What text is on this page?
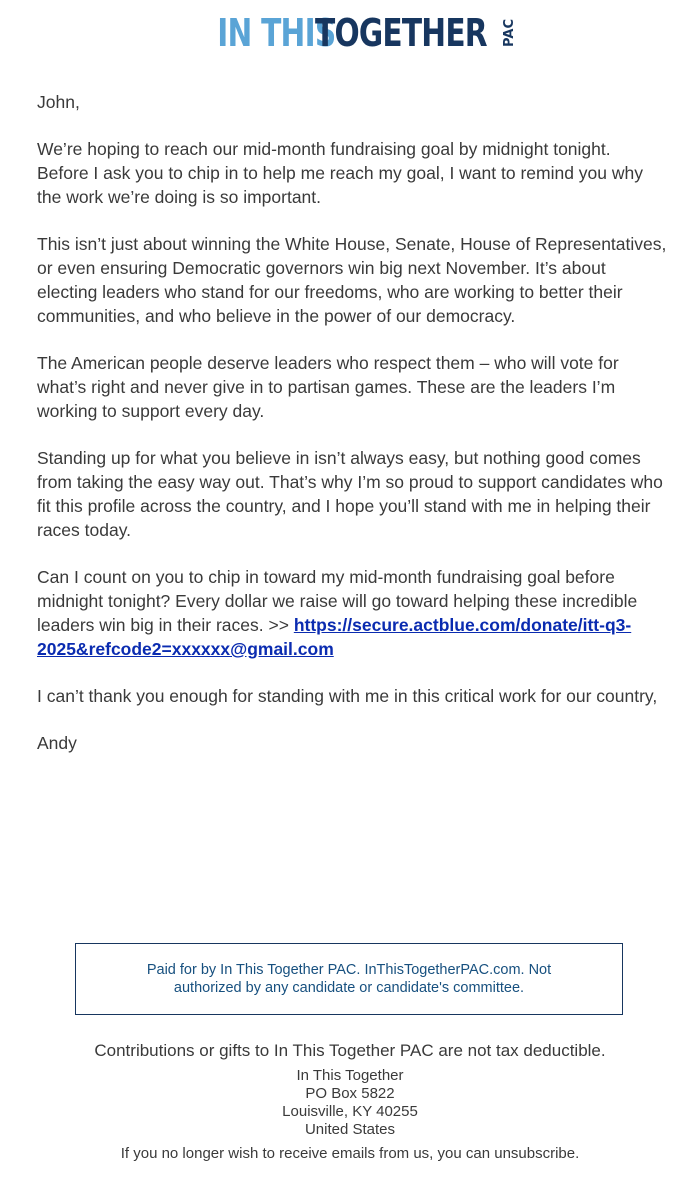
IN THIS
TOGETHER PAC

John,

We’re hoping to reach our mid-month fundraising goal by midnight tonight. Before I ask you to chip in to help me reach my goal, I want to remind you why the work we’re doing is so important.

This isn’t just about winning the White House, Senate, House of Representatives, or even ensuring Democratic governors win big next November. It’s about electing leaders who stand for our freedoms, who are working to better their communities, and who believe in the power of our democracy.

The American people deserve leaders who respect them – who will vote for what’s right and never give in to partisan games. These are the leaders I’m working to support every day.

Standing up for what you believe in isn’t always easy, but nothing good comes from taking the easy way out. That’s why I’m so proud to support candidates who fit this profile across the country, and I hope you’ll stand with me in helping their races today.

Can I count on you to chip in toward my mid-month fundraising goal before midnight tonight? Every dollar we raise will go toward helping these incredible leaders win big in their races. >> https://secure.actblue.com/donate/itt-q3-2025&refcode2=xxxxxx@gmail.com

I can’t thank you enough for standing with me in this critical work for our country,

Andy

Paid for by In This Together PAC. InThisTogetherPAC.com. Not authorized by any candidate or candidate's committee.
Contributions or gifts to In This Together PAC are not tax deductible.
In This Together
PO Box 5822
Louisville, KY 40255
United States
If you no longer wish to receive emails from us, you can unsubscribe.
